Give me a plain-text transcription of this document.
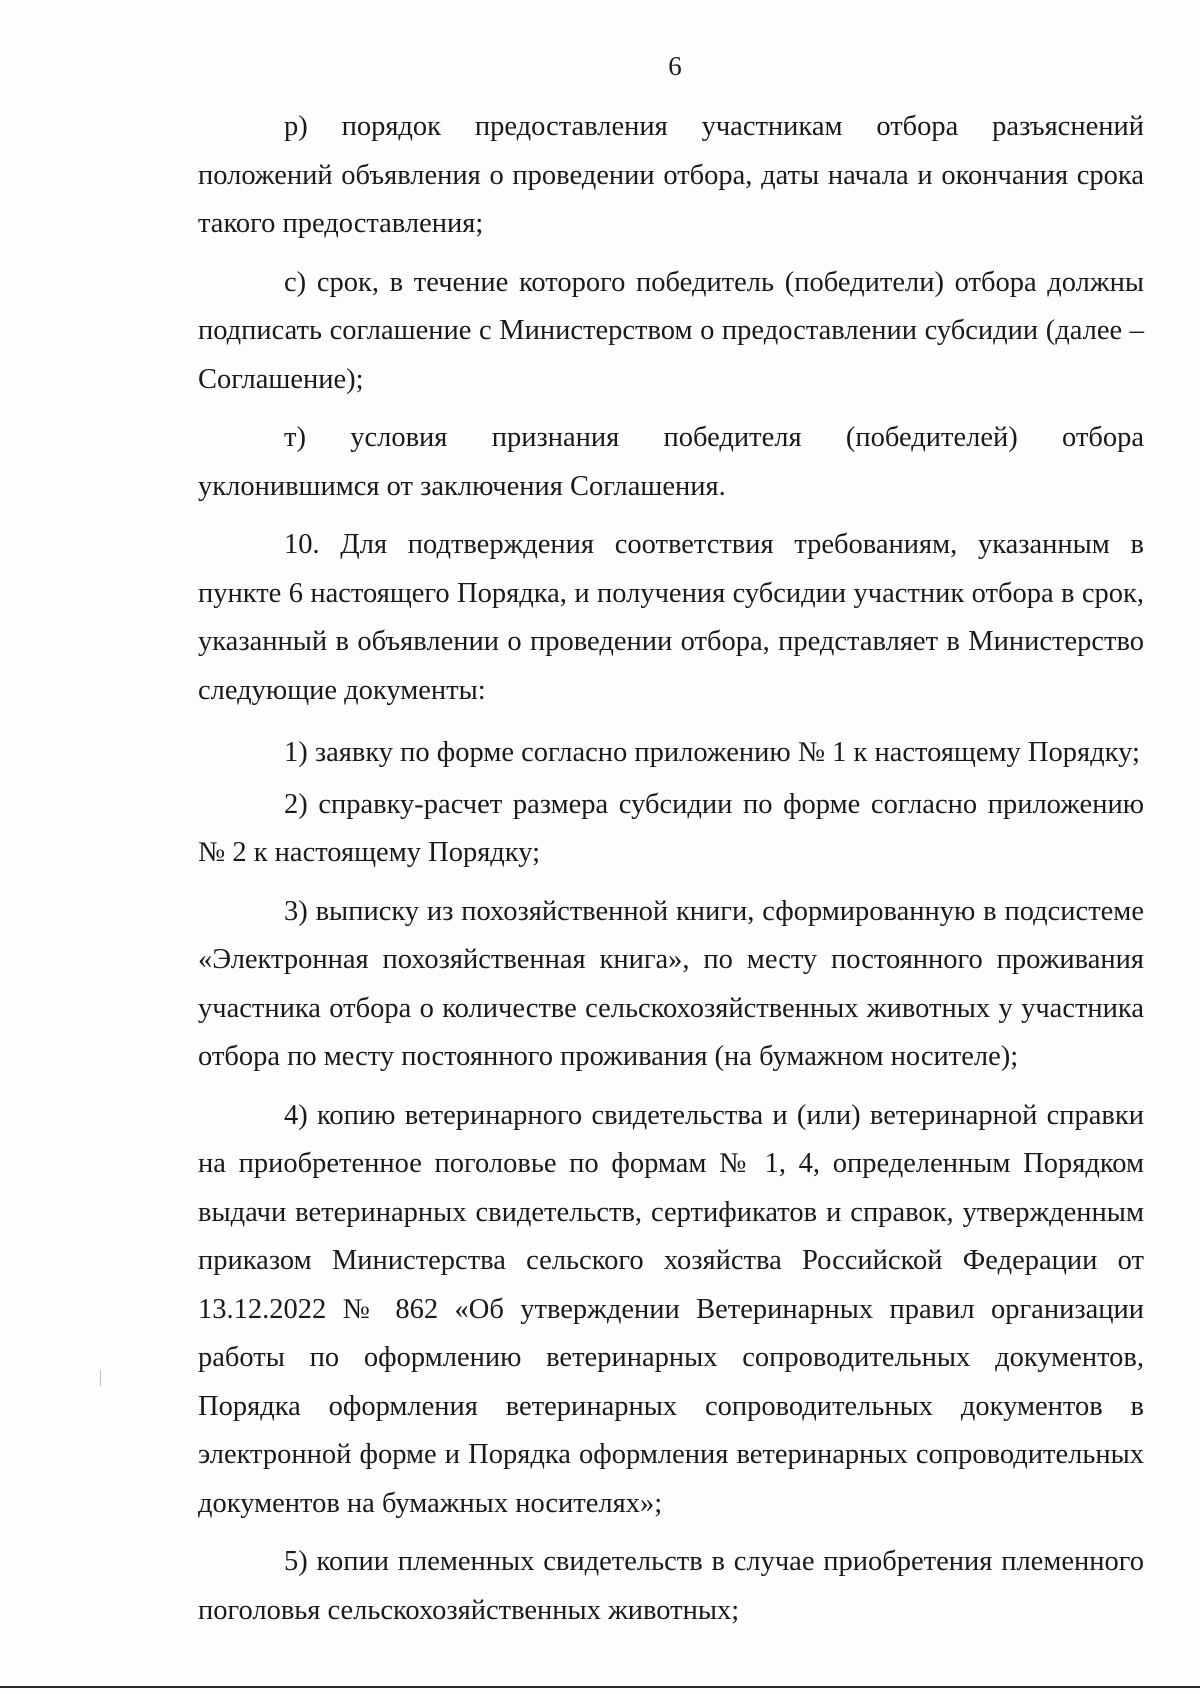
6

р) порядок предоставления участникам отбора разъяснений положений объявления о проведении отбора, даты начала и окончания срока такого предоставления;

с) срок, в течение которого победитель (победители) отбора должны подписать соглашение с Министерством о предоставлении субсидии (далее – Соглашение);

т) условия признания победителя (победителей) отбора уклонившимся от заключения Соглашения.

10. Для подтверждения соответствия требованиям, указанным в пункте 6 настоящего Порядка, и получения субсидии участник отбора в срок, указанный в объявлении о проведении отбора, представляет в Министерство следующие документы:

1) заявку по форме согласно приложению № 1 к настоящему Порядку;

2) справку-расчет размера субсидии по форме согласно приложению № 2 к настоящему Порядку;

3) выписку из похозяйственной книги, сформированную в подсистеме «Электронная похозяйственная книга», по месту постоянного проживания участника отбора о количестве сельскохозяйственных животных у участника отбора по месту постоянного проживания (на бумажном носителе);

4) копию ветеринарного свидетельства и (или) ветеринарной справки на приобретенное поголовье по формам № 1, 4, определенным Порядком выдачи ветеринарных свидетельств, сертификатов и справок, утвержденным приказом Министерства сельского хозяйства Российской Федерации от 13.12.2022 № 862 «Об утверждении Ветеринарных правил организации работы по оформлению ветеринарных сопроводительных документов, Порядка оформления ветеринарных сопроводительных документов в электронной форме и Порядка оформления ветеринарных сопроводительных документов на бумажных носителях»;

5) копии племенных свидетельств в случае приобретения племенного поголовья сельскохозяйственных животных;
